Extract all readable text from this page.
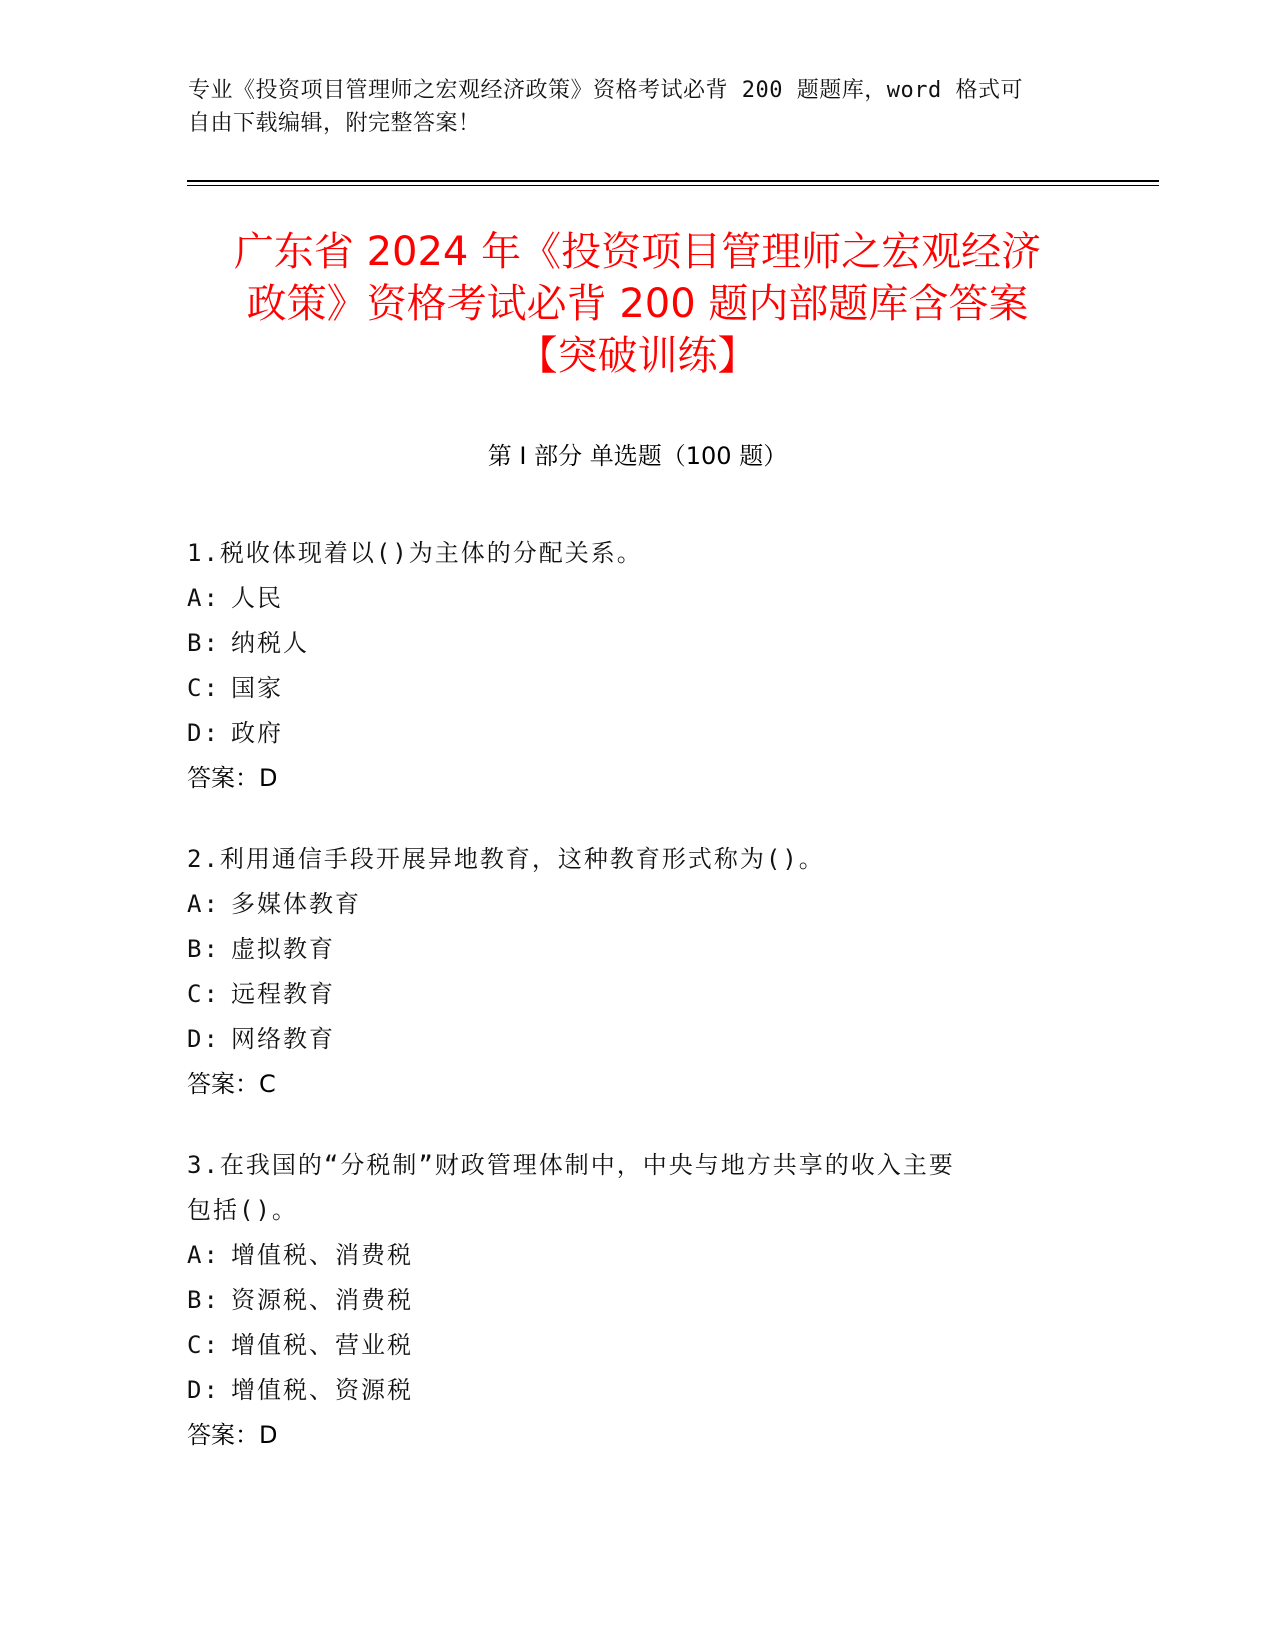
专业《投资项目管理师之宏观经济政策》资格考试必背 200 题题库，word 格式可
自由下载编辑，附完整答案！
广东省 2024 年《投资项目管理师之宏观经济
政策》资格考试必背 200 题内部题库含答案
【突破训练】
第 I 部分 单选题（100 题）
1.税收体现着以()为主体的分配关系。
A: 人民
B: 纳税人
C: 国家
D: 政府
答案：D
2.利用通信手段开展异地教育，这种教育形式称为()。
A: 多媒体教育
B: 虚拟教育
C: 远程教育
D: 网络教育
答案：C
3.在我国的“分税制”财政管理体制中，中央与地方共享的收入主要
包括()。
A: 增值税、消费税
B: 资源税、消费税
C: 增值税、营业税
D: 增值税、资源税
答案：D
